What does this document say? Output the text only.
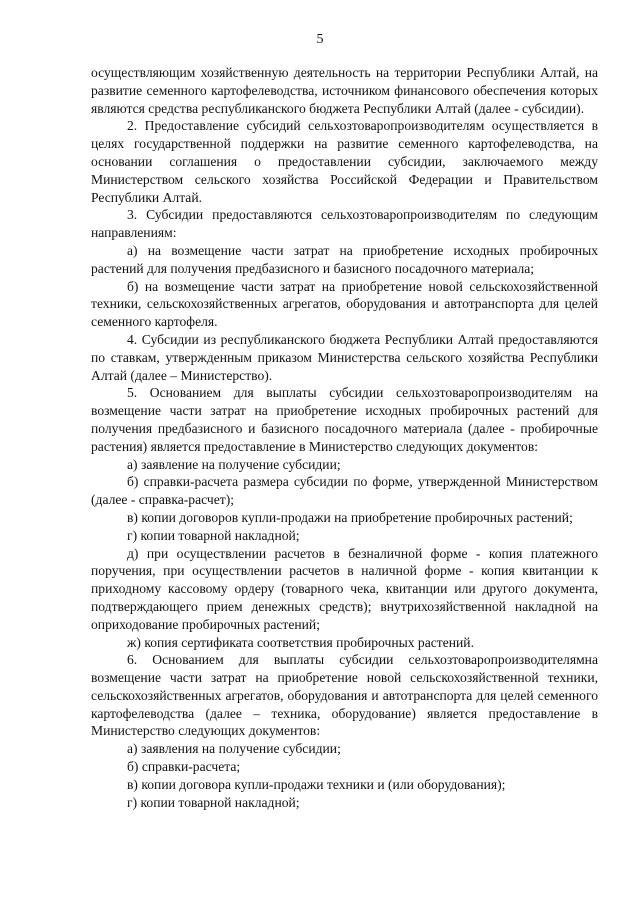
5

осуществляющим хозяйственную деятельность на территории Республики Алтай, на развитие семенного картофелеводства, источником финансового обеспечения которых являются средства республиканского бюджета Республики Алтай (далее - субсидии).

2. Предоставление субсидий сельхозтоваропроизводителям осуществляется в целях государственной поддержки на развитие семенного картофелеводства, на основании соглашения о предоставлении субсидии, заключаемого между Министерством сельского хозяйства Российской Федерации и Правительством Республики Алтай.

3. Субсидии предоставляются сельхозтоваропроизводителям по следующим направлениям:

а) на возмещение части затрат на приобретение исходных пробирочных растений для получения предбазисного и базисного посадочного материала;

б) на возмещение части затрат на приобретение новой сельскохозяйственной техники, сельскохозяйственных агрегатов, оборудования и автотранспорта для целей семенного картофеля.

4. Субсидии из республиканского бюджета Республики Алтай предоставляются по ставкам, утвержденным приказом Министерства сельского хозяйства Республики Алтай (далее – Министерство).

5. Основанием для выплаты субсидии сельхозтоваропроизводителям на возмещение части затрат на приобретение исходных пробирочных растений для получения предбазисного и базисного посадочного материала (далее - пробирочные растения) является предоставление в Министерство следующих документов:

а) заявление на получение субсидии;

б) справки-расчета размера субсидии по форме, утвержденной Министерством (далее - справка-расчет);

в) копии договоров купли-продажи на приобретение пробирочных растений;

г) копии товарной накладной;

д) при осуществлении расчетов в безналичной форме - копия платежного поручения, при осуществлении расчетов в наличной форме - копия квитанции к приходному кассовому ордеру (товарного чека, квитанции или другого документа, подтверждающего прием денежных средств); внутрихозяйственной накладной на оприходование пробирочных растений;

ж) копия сертификата соответствия пробирочных растений.

6. Основанием для выплаты субсидии сельхозтоваропроизводителямна возмещение части затрат на приобретение новой сельскохозяйственной техники, сельскохозяйственных агрегатов, оборудования и автотранспорта для целей семенного картофелеводства (далее – техника, оборудование) является предоставление в Министерство следующих документов:

а) заявления на получение субсидии;

б) справки-расчета;

в) копии договора купли-продажи техники и (или оборудования);

г) копии товарной накладной;
